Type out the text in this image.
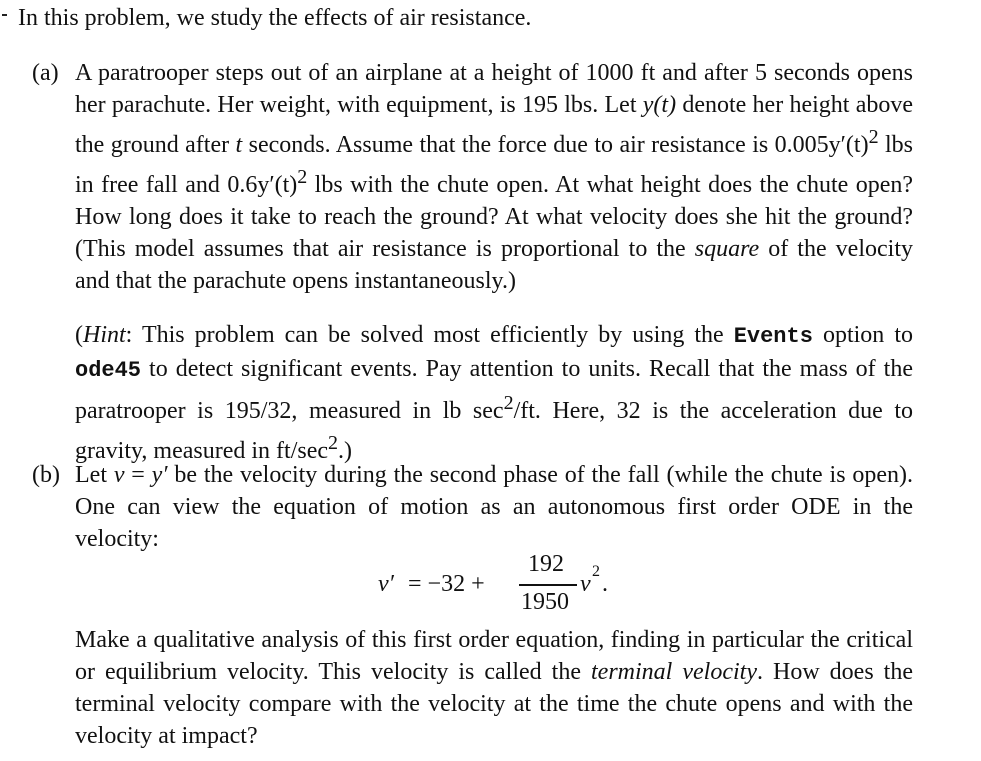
In this problem, we study the effects of air resistance.
(a) A paratrooper steps out of an airplane at a height of 1000 ft and after 5 seconds opens her parachute. Her weight, with equipment, is 195 lbs. Let y(t) denote her height above the ground after t seconds. Assume that the force due to air resistance is $0.005y'(t)^2$ lbs in free fall and $0.6y'(t)^2$ lbs with the chute open. At what height does the chute open? How long does it take to reach the ground? At what velocity does she hit the ground? (This model assumes that air resistance is proportional to the square of the velocity and that the parachute opens instantaneously.)
(Hint: This problem can be solved most efficiently by using the Events option to ode45 to detect significant events. Pay attention to units. Recall that the mass of the paratrooper is 195/32, measured in lb $\sec^2/ft$. Here, 32 is the acceleration due to gravity, measured in $ft/\sec^2$.)
(b) Let v = y′ be the velocity during the second phase of the fall (while the chute is open). One can view the equation of motion as an autonomous first order ODE in the velocity:
v′ = −32 +
192
1950
v 2 .
Make a qualitative analysis of this first order equation, finding in particular the critical or equilibrium velocity. This velocity is called the terminal velocity. How does the terminal velocity compare with the velocity at the time the chute opens and with the velocity at impact?
